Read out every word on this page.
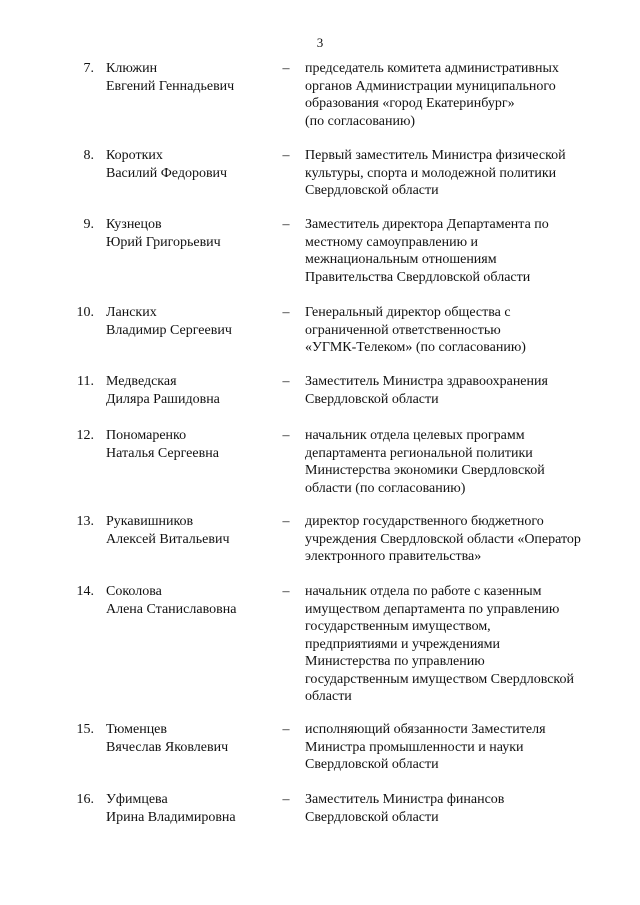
3
7. Клюжин
Евгений Геннадьевич
– председатель комитета административных
органов Администрации муниципального
образования «город Екатеринбург»
(по согласованию)
8. Коротких
Василий Федорович
– Первый заместитель Министра физической
культуры, спорта и молодежной политики
Свердловской области
9. Кузнецов
Юрий Григорьевич
– Заместитель директора Департамента по
местному самоуправлению и
межнациональным отношениям
Правительства Свердловской области
10. Ланских
Владимир Сергеевич
– Генеральный директор общества с
ограниченной ответственностью
«УГМК-Телеком» (по согласованию)
11. Медведская
Диляра Рашидовна
– Заместитель Министра здравоохранения
Свердловской области
12. Пономаренко
Наталья Сергеевна
– начальник отдела целевых программ
департамента региональной политики
Министерства экономики Свердловской
области (по согласованию)
13. Рукавишников
Алексей Витальевич
– директор государственного бюджетного
учреждения Свердловской области «Оператор
электронного правительства»
14. Соколова
Алена Станиславовна
– начальник отдела по работе с казенным
имуществом департамента по управлению
государственным имуществом,
предприятиями и учреждениями
Министерства по управлению
государственным имуществом Свердловской
области
15. Тюменцев
Вячеслав Яковлевич
– исполняющий обязанности Заместителя
Министра промышленности и науки
Свердловской области
16. Уфимцева
Ирина Владимировна
– Заместитель Министра финансов
Свердловской области
